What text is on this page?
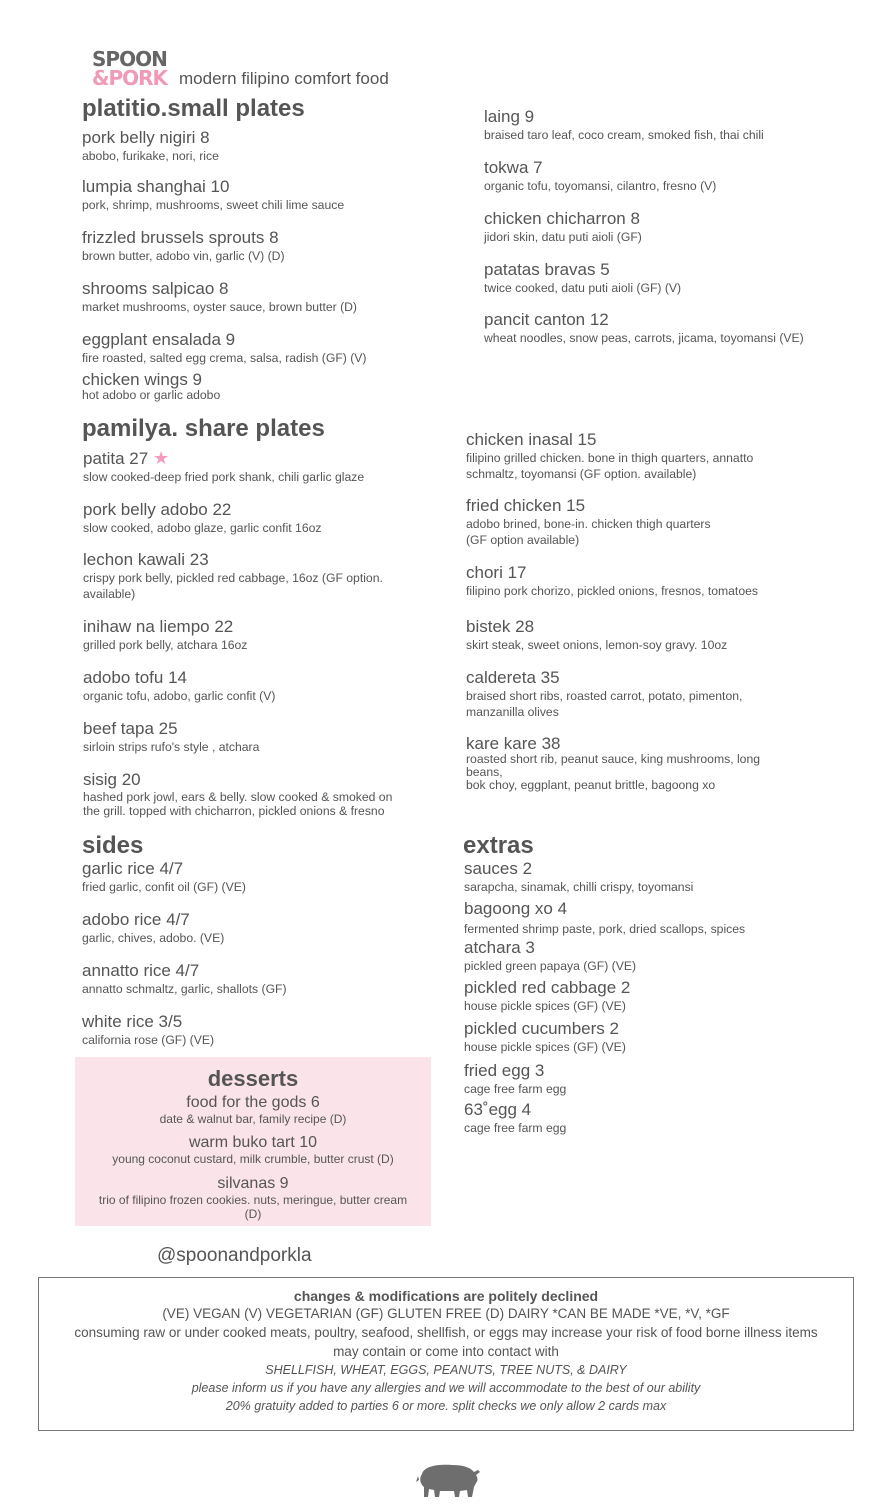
SPOON
&PORK modern filipino comfort food
platitio.small plates
pork belly nigiri 8
abobo, furikake, nori, rice
lumpia shanghai 10
pork, shrimp, mushrooms, sweet chili lime sauce
frizzled brussels sprouts 8
brown butter, adobo vin, garlic (V) (D)
shrooms salpicao 8
market mushrooms, oyster sauce, brown butter (D)
eggplant ensalada 9
fire roasted, salted egg crema, salsa, radish (GF) (V)
chicken wings 9
hot adobo or garlic adobo
laing 9
braised taro leaf, coco cream, smoked fish, thai chili
tokwa 7
organic tofu, toyomansi, cilantro, fresno (V)
chicken chicharron 8
jidori skin, datu puti aioli (GF)
patatas bravas 5
twice cooked, datu puti aioli (GF) (V)
pancit canton 12
wheat noodles, snow peas, carrots, jicama, toyomansi (VE)
pamilya. share plates
patita 27 ★
slow cooked-deep fried pork shank, chili garlic glaze
pork belly adobo 22
slow cooked, adobo glaze, garlic confit 16oz
lechon kawali 23
crispy pork belly, pickled red cabbage, 16oz (GF option.
available)
inihaw na liempo 22
grilled pork belly, atchara 16oz
adobo tofu 14
organic tofu, adobo, garlic confit (V)
beef tapa 25
sirloin strips rufo's style , atchara
sisig 20
hashed pork jowl, ears & belly. slow cooked & smoked on
the grill. topped with chicharron, pickled onions & fresno
chicken inasal 15
filipino grilled chicken. bone in thigh quarters, annatto
schmaltz, toyomansi (GF option. available)
fried chicken 15
adobo brined, bone-in. chicken thigh quarters
(GF option available)
chori 17
filipino pork chorizo, pickled onions, fresnos, tomatoes
bistek 28
skirt steak, sweet onions, lemon-soy gravy. 10oz
caldereta 35
braised short ribs, roasted carrot, potato, pimenton,
manzanilla olives
kare kare 38
roasted short rib, peanut sauce, king mushrooms, long
beans,
bok choy, eggplant, peanut brittle, bagoong xo
sides
garlic rice 4/7
fried garlic, confit oil (GF) (VE)
adobo rice 4/7
garlic, chives, adobo. (VE)
annatto rice 4/7
annatto schmaltz, garlic, shallots (GF)
white rice 3/5
california rose (GF) (VE)
extras
sauces 2
sarapcha, sinamak, chilli crispy, toyomansi
bagoong xo 4
fermented shrimp paste, pork, dried scallops, spices
atchara 3
pickled green papaya (GF) (VE)
pickled red cabbage 2
house pickle spices (GF) (VE)
pickled cucumbers 2
house pickle spices (GF) (VE)
fried egg 3
cage free farm egg
63˚egg 4
cage free farm egg
desserts
food for the gods 6
date & walnut bar, family recipe (D)
warm buko tart 10
young coconut custard, milk crumble, butter crust (D)
silvanas 9
trio of filipino frozen cookies. nuts, meringue, butter cream
(D)
@spoonandporkla
changes & modifications are politely declined
(VE) VEGAN (V) VEGETARIAN (GF) GLUTEN FREE (D) DAIRY *CAN BE MADE *VE, *V, *GF
consuming raw or under cooked meats, poultry, seafood, shellfish, or eggs may increase your risk of food borne illness items
may contain or come into contact with
SHELLFISH, WHEAT, EGGS, PEANUTS, TREE NUTS, & DAIRY
please inform us if you have any allergies and we will accommodate to the best of our ability
20% gratuity added to parties 6 or more. split checks we only allow 2 cards max
